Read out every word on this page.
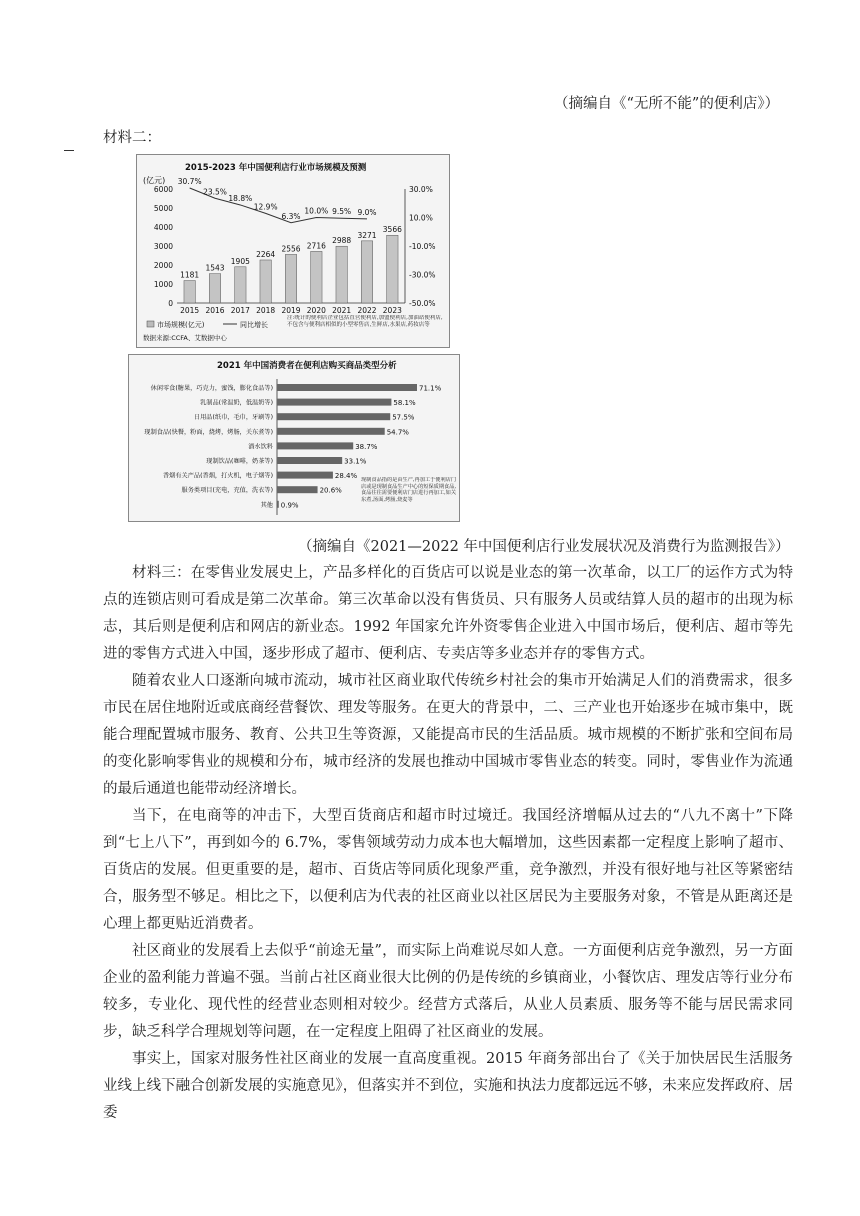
（摘编自《“无所不能”的便利店》）
材料二：
2015-2023 年中国便利店行业市场规模及预测
(亿元)
6000
5000
4000
3000
2000
1000
0
30.0%
10.0%
-10.0%
-30.0%
-50.0%
1181
1543
1905
2264
2556 2716
2988
3271
3566
30.7%
23.5%
18.8%
12.9%
6.3%
10.0% 9.5% 9.0%
2015 2016 2017 2018 2019 2020 2021 2022 2023
市场规模(亿元)	同比增长
数据来源:CCFA、艾数据中心
注:统计的便利店企业包括直营便利店,加盟便利店,加油站便利店,不包含与便利店相似的小型零售店,生鲜店,水果店,药妆店等
2021 年中国消费者在便利店购买商品类型分析
休闲零食(糖果，巧克力，蜜饯，膨化食品等)	71.1%
乳制品(常温奶，低温奶等)	58.1%
日用品(纸巾，毛巾，牙刷等)	57.5%
现制食品(快餐，粉面，烧烤，烤肠，关东煮等)	54.7%
酒水饮料	38.7%
现制饮品(咖啡，奶茶等)	33.1%
香烟有关产品(香烟，打火机，电子烟等)	28.4%
服务类项目(充电，充值，洗衣等)	20.6%
其他 0.9%
现制食品指的是由生产,再加工于便利店门店或是现制食品生产中心的短保质期食品,食品往往需要便利店门店进行再加工,如关东煮,汤面,烤肠,烧麦等
（摘编自《2021—2022 年中国便利店行业发展状况及消费行为监测报告》）

材料三：在零售业发展史上，产品多样化的百货店可以说是业态的第一次革命，以工厂的运作方式为特点的连锁店则可看成是第二次革命。第三次革命以没有售货员、只有服务人员或结算人员的超市的出现为标志，其后则是便利店和网店的新业态。1992 年国家允许外资零售企业进入中国市场后，便利店、超市等先进的零售方式进入中国，逐步形成了超市、便利店、专卖店等多业态并存的零售方式。

随着农业人口逐渐向城市流动，城市社区商业取代传统乡村社会的集市开始满足人们的消费需求，很多市民在居住地附近或底商经营餐饮、理发等服务。在更大的背景中，二、三产业也开始逐步在城市集中，既能合理配置城市服务、教育、公共卫生等资源，又能提高市民的生活品质。城市规模的不断扩张和空间布局的变化影响零售业的规模和分布，城市经济的发展也推动中国城市零售业态的转变。同时，零售业作为流通的最后通道也能带动经济增长。

当下，在电商等的冲击下，大型百货商店和超市时过境迁。我国经济增幅从过去的“八九不离十”下降到“七上八下”，再到如今的 6.7%，零售领域劳动力成本也大幅增加，这些因素都一定程度上影响了超市、百货店的发展。但更重要的是，超市、百货店等同质化现象严重，竞争激烈，并没有很好地与社区等紧密结合，服务型不够足。相比之下，以便利店为代表的社区商业以社区居民为主要服务对象，不管是从距离还是心理上都更贴近消费者。

社区商业的发展看上去似乎“前途无量”，而实际上尚难说尽如人意。一方面便利店竞争激烈，另一方面企业的盈利能力普遍不强。当前占社区商业很大比例的仍是传统的乡镇商业，小餐饮店、理发店等行业分布较多，专业化、现代性的经营业态则相对较少。经营方式落后，从业人员素质、服务等不能与居民需求同步，缺乏科学合理规划等问题，在一定程度上阻碍了社区商业的发展。

事实上，国家对服务性社区商业的发展一直高度重视。2015 年商务部出台了《关于加快居民生活服务业线上线下融合创新发展的实施意见》，但落实并不到位，实施和执法力度都远远不够，未来应发挥政府、居委
